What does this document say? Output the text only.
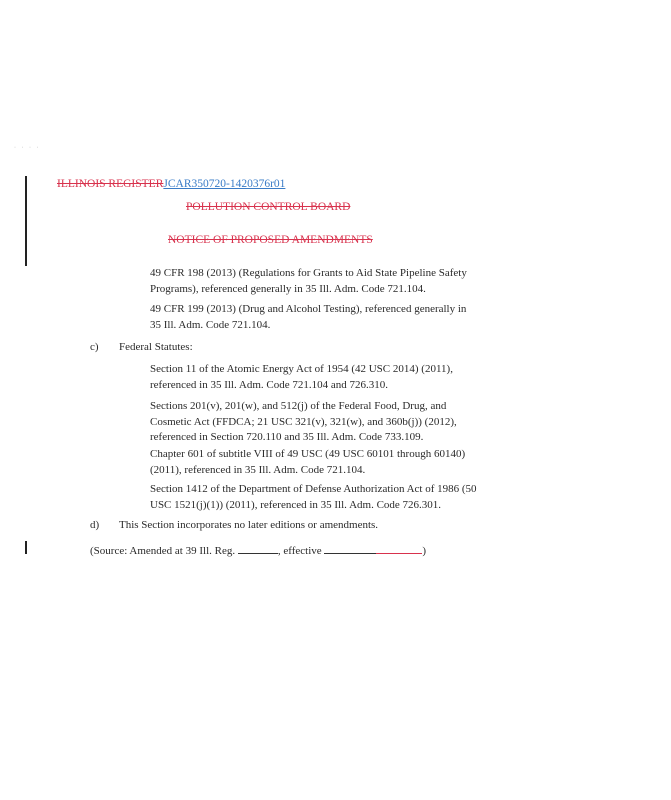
· · · ·
ILLINOIS REGISTERJCAR350720-1420376r01
POLLUTION CONTROL BOARD
NOTICE OF PROPOSED AMENDMENTS
49 CFR 198 (2013) (Regulations for Grants to Aid State Pipeline Safety
Programs), referenced generally in 35 Ill. Adm. Code 721.104.
49 CFR 199 (2013) (Drug and Alcohol Testing), referenced generally in
35 Ill. Adm. Code 721.104.
c) Federal Statutes:
Section 11 of the Atomic Energy Act of 1954 (42 USC 2014) (2011),
referenced in 35 Ill. Adm. Code 721.104 and 726.310.
Sections 201(v), 201(w), and 512(j) of the Federal Food, Drug, and
Cosmetic Act (FFDCA; 21 USC 321(v), 321(w), and 360b(j)) (2012),
referenced in Section 720.110 and 35 Ill. Adm. Code 733.109.
Chapter 601 of subtitle VIII of 49 USC (49 USC 60101 through 60140)
(2011), referenced in 35 Ill. Adm. Code 721.104.
Section 1412 of the Department of Defense Authorization Act of 1986 (50
USC 1521(j)(1)) (2011), referenced in 35 Ill. Adm. Code 726.301.
d) This Section incorporates no later editions or amendments.
(Source: Amended at 39 Ill. Reg.	, effective	)
